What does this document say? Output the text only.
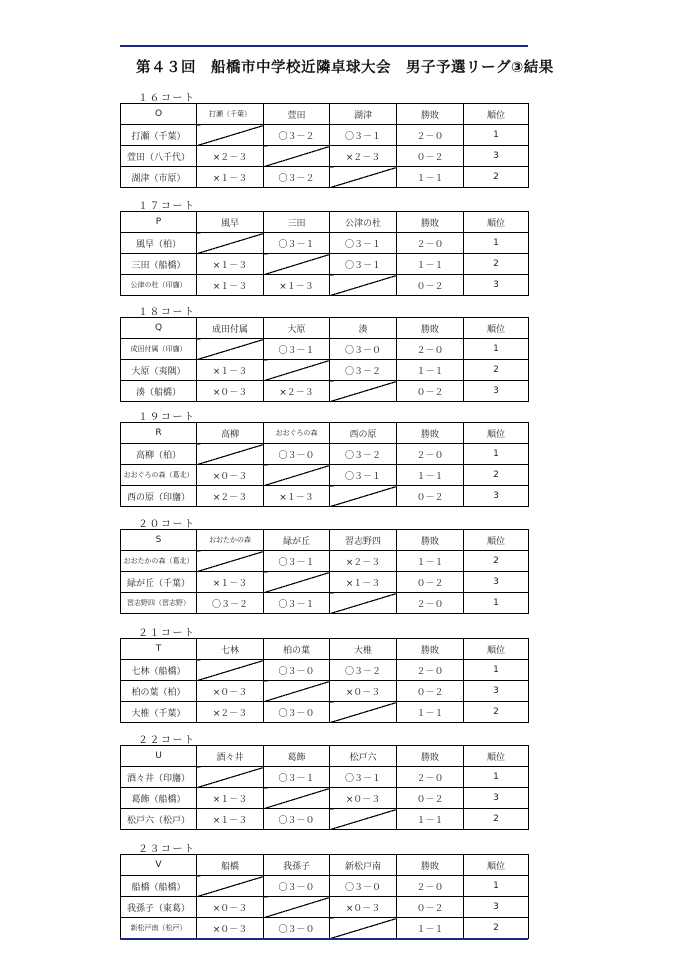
第４３回　船橋市中学校近隣卓球大会　男子予選リーグ③結果
１６コート
O	打瀬（千葉）	萱田	湖津	勝敗	順位
打瀬（千葉）		〇３－２	〇３－１	２－０	1
萱田（八千代）	×２－３		×２－３	０－２	3
湖津（市原）	×１－３	〇３－２		１－１	2
１７コート
P	風早	三田	公津の杜	勝敗	順位
風早（柏）		〇３－１	〇３－１	２－０	1
三田（船橋）	×１－３		〇３－１	１－１	2
公津の杜（印旛）	×１－３	×１－３		０－２	3
１８コート
Q	成田付属	大原	湊	勝敗	順位
成田付属（印旛）		〇３－１	〇３－０	２－０	1
大原（夷隅）	×１－３		〇３－２	１－１	2
湊（船橋）	×０－３	×２－３		０－２	3
１９コート
R	高柳	おおぐろの森	西の原	勝敗	順位
高柳（柏）		〇３－０	〇３－２	２－０	1
おおぐろの森（葛北）	×０－３		〇３－１	１－１	2
西の原（印旛）	×２－３	×１－３		０－２	3
２０コート
S	おおたかの森	緑が丘	習志野四	勝敗	順位
おおたかの森（葛北）		〇３－１	×２－３	１－１	2
緑が丘（千葉）	×１－３		×１－３	０－２	3
習志野四（習志野）	〇３－２	〇３－１		２－０	1
２１コート
T	七林	柏の葉	大椎	勝敗	順位
七林（船橋）		〇３－０	〇３－２	２－０	1
柏の葉（柏）	×０－３		×０－３	０－２	3
大椎（千葉）	×２－３	〇３－０		１－１	2
２２コート
U	酒々井	葛飾	松戸六	勝敗	順位
酒々井（印旛）		〇３－１	〇３－１	２－０	1
葛飾（船橋）	×１－３		×０－３	０－２	3
松戸六（松戸）	×１－３	〇３－０		１－１	2
２３コート
V	船橋	我孫子	新松戸南	勝敗	順位
船橋（船橋）		〇３－０	〇３－０	２－０	1
我孫子（東葛）	×０－３		×０－３	０－２	3
新松戸南（松戸）	×０－３	〇３－０		１－１	2
